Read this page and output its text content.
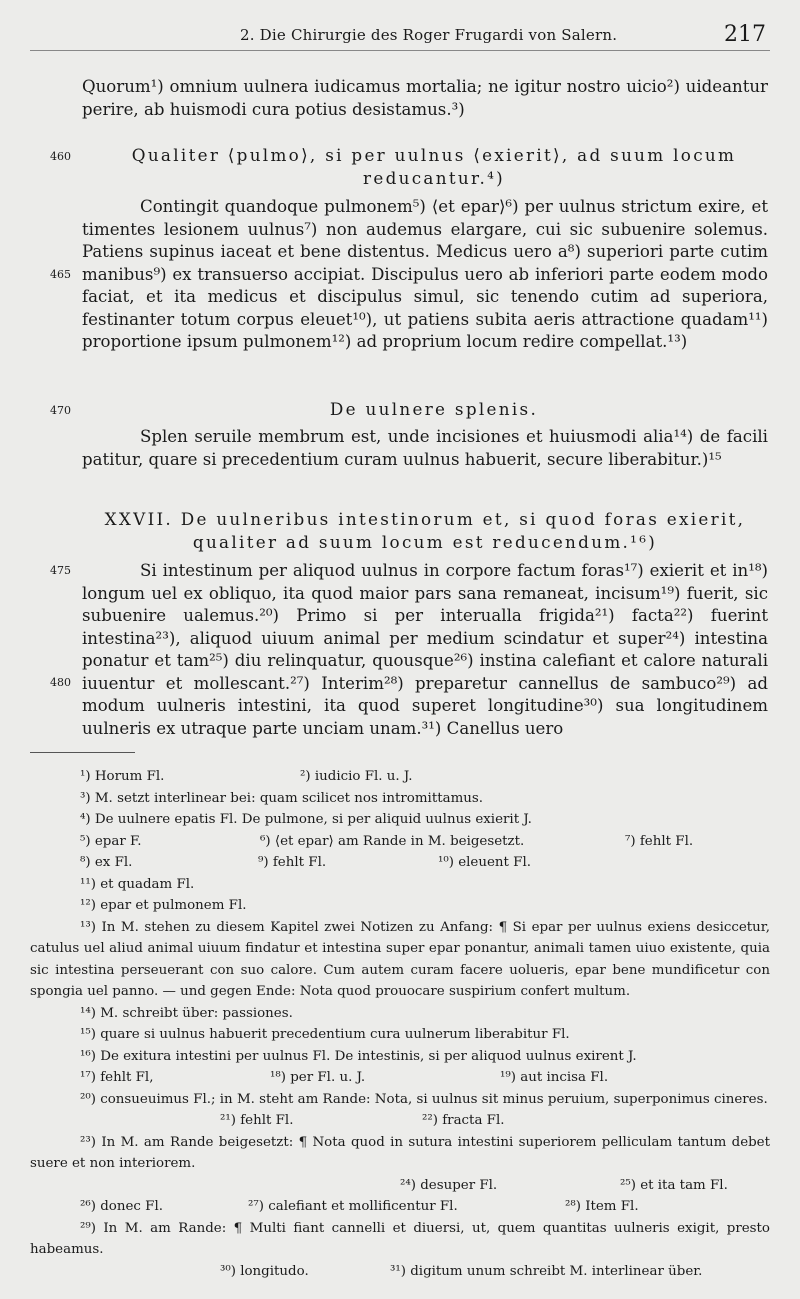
2. Die Chirurgie des Roger Frugardi von Salern.	217
460
465
470
475
480

Quorum¹) omnium uulnera iudicamus mortalia; ne igitur nostro uicio²) uideantur perire, ab huismodi cura potius desistamus.³)

Qualiter ⟨pulmo⟩, si per uulnus ⟨exierit⟩, ad suum locum reducantur.⁴)

Contingit quandoque pulmonem⁵) ⟨et epar⟩⁶) per uulnus strictum exire, et timentes lesionem uulnus⁷) non audemus elargare, cui sic subuenire solemus. Patiens supinus iaceat et bene distentus. Medicus uero a⁸) superiori parte cutim manibus⁹) ex transuerso accipiat. Discipulus uero ab inferiori parte eodem modo faciat, et ita medicus et discipulus simul, sic tenendo cutim ad superiora, festinanter totum corpus eleuet¹⁰), ut patiens subita aeris attractione quadam¹¹) proportione ipsum pulmonem¹²) ad proprium locum redire compellat.¹³)

De uulnere splenis.

Splen seruile membrum est, unde incisiones et huiusmodi alia¹⁴) de facili patitur, quare si precedentium curam uulnus habuerit, secure liberabitur.)¹⁵

XXVII. De uulneribus intestinorum et, si quod foras exierit, qualiter ad suum locum est reducendum.¹⁶)

Si intestinum per aliquod uulnus in corpore factum foras¹⁷) exierit et in¹⁸) longum uel ex obliquo, ita quod maior pars sana remaneat, incisum¹⁹) fuerit, sic subuenire ualemus.²⁰) Primo si per interualla frigida²¹) facta²²) fuerint intestina²³), aliquod uiuum animal per medium scindatur et super²⁴) intestina ponatur et tam²⁵) diu relinquatur, quousque²⁶) instina calefiant et calore naturali iuuentur et mollescant.²⁷) Interim²⁸) preparetur cannellus de sambuco²⁹) ad modum uulneris intestini, ita quod superet longitudine³⁰) sua longitudinem uulneris ex utraque parte unciam unam.³¹) Canellus uero

¹) Horum Fl.	²) iudicio Fl. u. J.
³) M. setzt interlinear bei: quam scilicet nos intromittamus.
⁴) De uulnere epatis Fl. De pulmone, si per aliquid uulnus exierit J.
⁵) epar F.	⁶) ⟨et epar⟩ am Rande in M. beigesetzt.	⁷) fehlt Fl.
⁸) ex Fl.	⁹) fehlt Fl.	¹⁰) eleuent Fl.
¹¹) et quadam Fl.
¹²) epar et pulmonem Fl.
¹³) In M. stehen zu diesem Kapitel zwei Notizen zu Anfang: ¶ Si epar per uulnus exiens desiccetur, catulus uel aliud animal uiuum findatur et intestina super epar ponantur, animali tamen uiuo existente, quia sic intestina perseuerant con suo calore. Cum autem curam facere uolueris, epar bene mundificetur con spongia uel panno. — und gegen Ende: Nota quod prouocare suspirium confert multum.
¹⁴) M. schreibt über: passiones.
¹⁵) quare si uulnus habuerit precedentium cura uulnerum liberabitur Fl.
¹⁶) De exitura intestini per uulnus Fl. De intestinis, si per aliquod uulnus exirent J.
¹⁷) fehlt Fl,	¹⁸) per Fl. u. J.	¹⁹) aut incisa Fl.
²⁰) consueuimus Fl.; in M. steht am Rande: Nota, si uulnus sit minus peruium, superponimus cineres.
²¹) fehlt Fl.	²²) fracta Fl.
²³) In M. am Rande beigesetzt: ¶ Nota quod in sutura intestini superiorem pelliculam tantum debet suere et non interiorem.
²⁴) desuper Fl.	²⁵) et ita tam Fl.
²⁶) donec Fl.	²⁷) calefiant et mollificentur Fl.	²⁸) Item Fl.
²⁹) In M. am Rande: ¶ Multi fiant cannelli et diuersi, ut, quem quantitas uulneris exigit, presto habeamus.
³⁰) longitudo.	³¹) digitum unum schreibt M. interlinear über.
